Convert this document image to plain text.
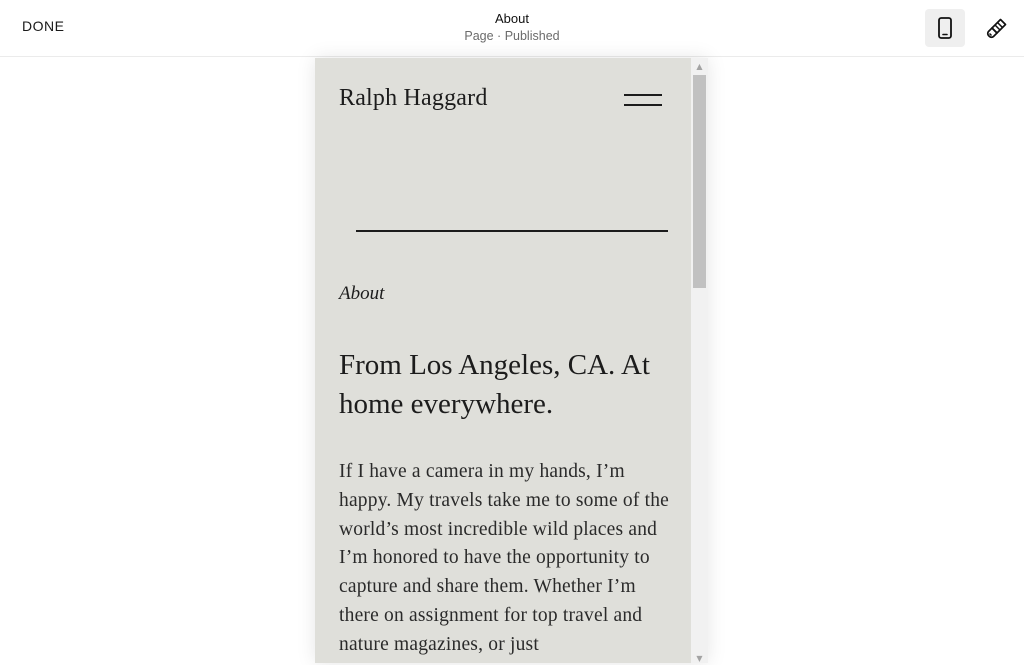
DONE	About
Page · Published
Ralph Haggard
About
From Los Angeles, CA. At home everywhere.
If I have a camera in my hands, I’m happy. My travels take me to some of the world’s most incredible wild places and I’m honored to have the opportunity to capture and share them. Whether I’m there on assignment for top travel and nature magazines, or just
▲
▼
